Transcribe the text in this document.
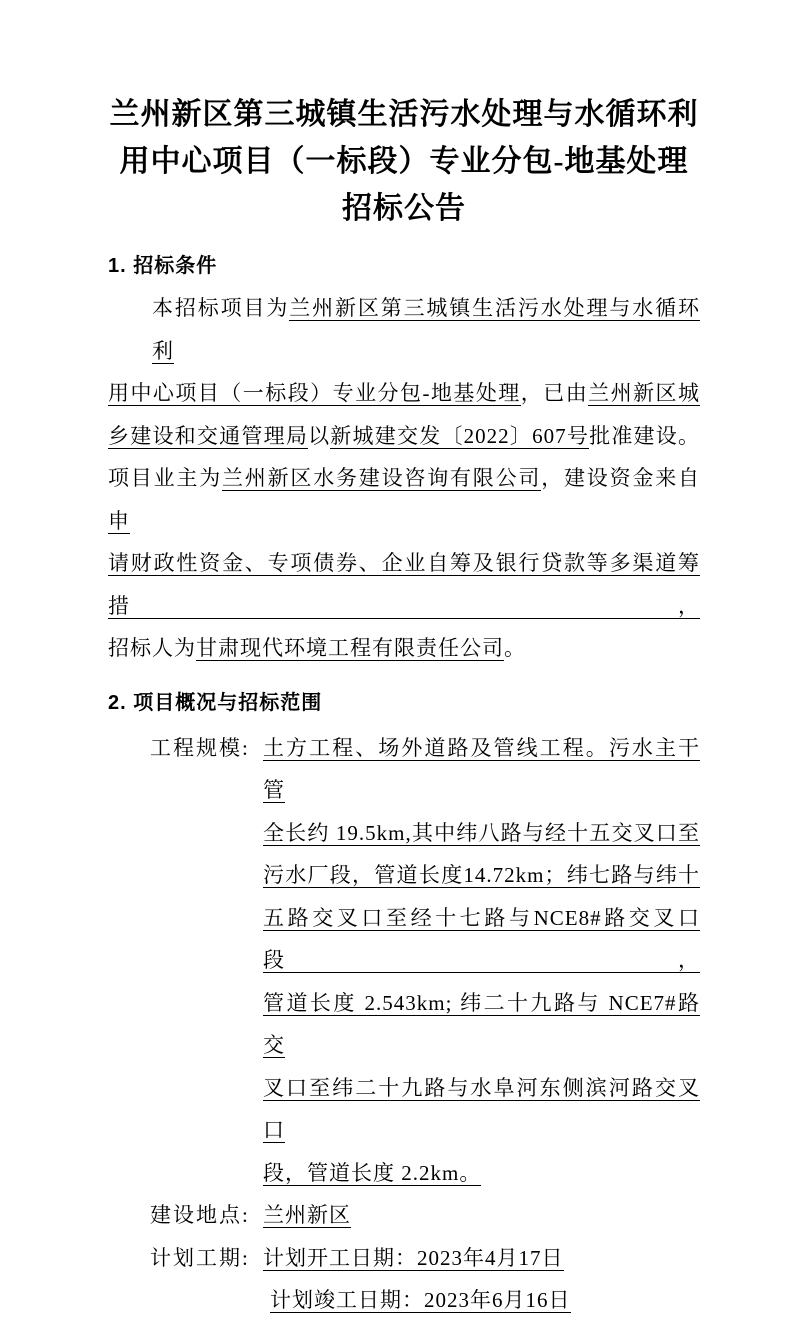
兰州新区第三城镇生活污水处理与水循环利
用中心项目（一标段）专业分包-地基处理
招标公告
1. 招标条件
本招标项目为兰州新区第三城镇生活污水处理与水循环利
用中心项目（一标段）专业分包-地基处理，已由兰州新区城
乡建设和交通管理局以新城建交发〔2022〕607号批准建设。
项目业主为兰州新区水务建设咨询有限公司，建设资金来自申
请财政性资金、专项债券、企业自筹及银行贷款等多渠道筹措，
招标人为甘肃现代环境工程有限责任公司。
2. 项目概况与招标范围
工程规模: 土方工程、场外道路及管线工程。污水主干管
全长约 19.5km,其中纬八路与经十五交叉口至
污水厂段，管道长度14.72km；纬七路与纬十
五路交叉口至经十七路与NCE8#路交叉口段，
管道长度 2.543km; 纬二十九路与 NCE7#路交
叉口至纬二十九路与水阜河东侧滨河路交叉口
段，管道长度 2.2km。
建设地点: 兰州新区
计划工期: 计划开工日期：2023年4月17日
计划竣工日期：2023年6月16日
